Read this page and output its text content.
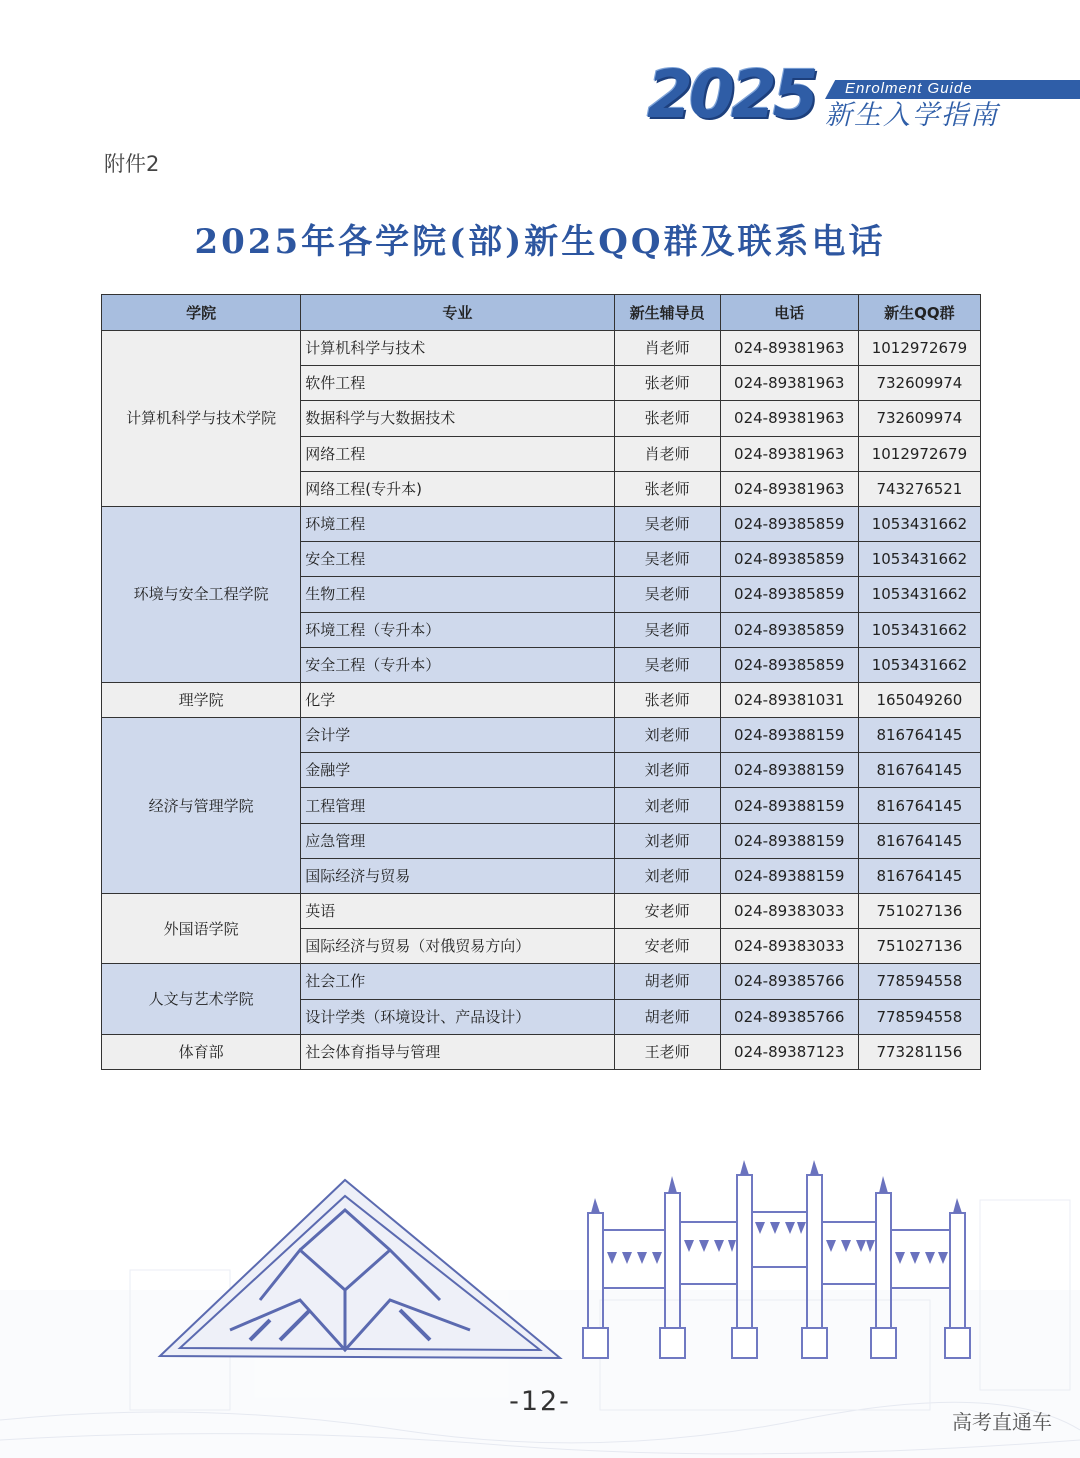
2025 Enrolment Guide
新生入学指南
附件2
2025年各学院(部)新生QQ群及联系电话
学院	专业	新生辅导员	电话	新生QQ群
计算机科学与技术学院	计算机科学与技术	肖老师	024-89381963	1012972679
	软件工程	张老师	024-89381963	732609974
	数据科学与大数据技术	张老师	024-89381963	732609974
	网络工程	肖老师	024-89381963	1012972679
	网络工程(专升本)	张老师	024-89381963	743276521
环境与安全工程学院	环境工程	吴老师	024-89385859	1053431662
	安全工程	吴老师	024-89385859	1053431662
	生物工程	吴老师	024-89385859	1053431662
	环境工程（专升本）	吴老师	024-89385859	1053431662
	安全工程（专升本）	吴老师	024-89385859	1053431662
理学院	化学	张老师	024-89381031	165049260
经济与管理学院	会计学	刘老师	024-89388159	816764145
	金融学	刘老师	024-89388159	816764145
	工程管理	刘老师	024-89388159	816764145
	应急管理	刘老师	024-89388159	816764145
	国际经济与贸易	刘老师	024-89388159	816764145
外国语学院	英语	安老师	024-89383033	751027136
	国际经济与贸易（对俄贸易方向）	安老师	024-89383033	751027136
人文与艺术学院	社会工作	胡老师	024-89385766	778594558
	设计学类（环境设计、产品设计）	胡老师	024-89385766	778594558
体育部	社会体育指导与管理	王老师	024-89387123	773281156
-12-
高考直通车
